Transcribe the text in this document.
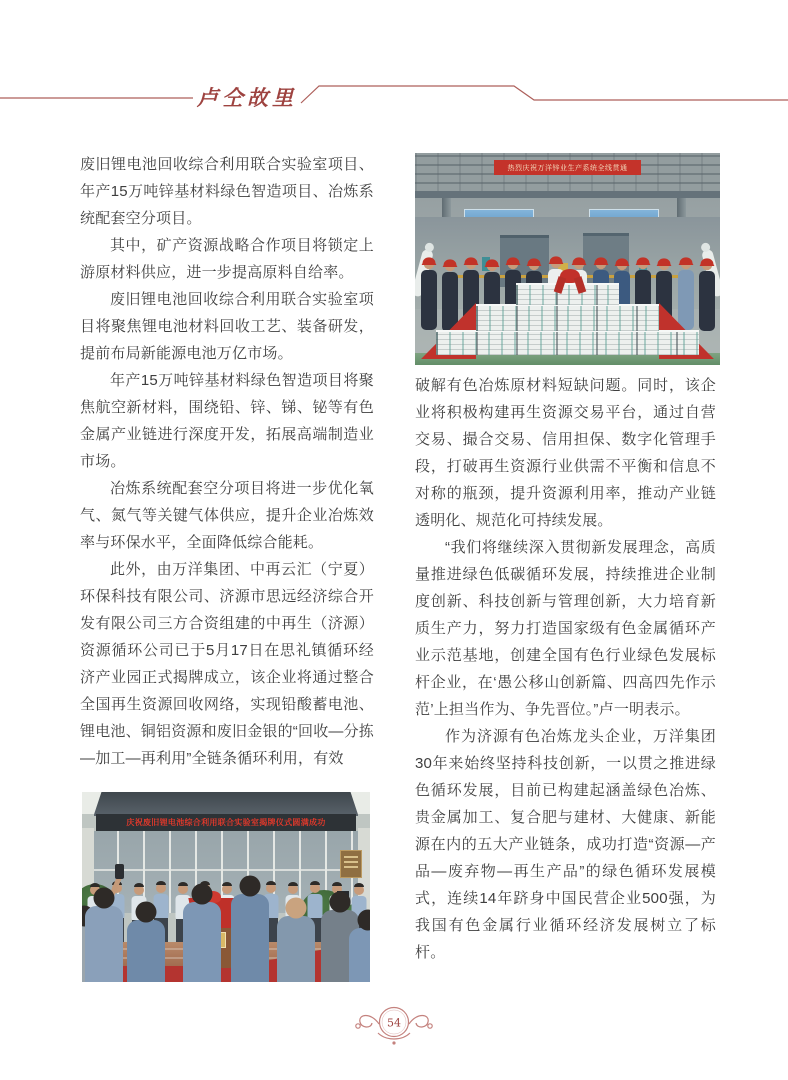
卢仝故里

废旧锂电池回收综合利用联合实验室项目、年产15万吨锌基材料绿色智造项目、冶炼系统配套空分项目。

其中，矿产资源战略合作项目将锁定上游原材料供应，进一步提高原料自给率。

废旧锂电池回收综合利用联合实验室项目将聚焦锂电池材料回收工艺、装备研发，提前布局新能源电池万亿市场。

年产15万吨锌基材料绿色智造项目将聚焦航空新材料，围绕铅、锌、锑、铋等有色金属产业链进行深度开发，拓展高端制造业市场。

冶炼系统配套空分项目将进一步优化氧气、氮气等关键气体供应，提升企业冶炼效率与环保水平，全面降低综合能耗。

此外，由万洋集团、中再云汇（宁夏）环保科技有限公司、济源市思远经济综合开发有限公司三方合资组建的中再生（济源）资源循环公司已于5月17日在思礼镇循环经济产业园正式揭牌成立，该企业将通过整合全国再生资源回收网络，实现铅酸蓄电池、锂电池、铜铝资源和废旧金银的“回收—分拣—加工—再利用”全链条循环利用，有效

破解有色冶炼原材料短缺问题。同时，该企业将积极构建再生资源交易平台，通过自营交易、撮合交易、信用担保、数字化管理手段，打破再生资源行业供需不平衡和信息不对称的瓶颈，提升资源利用率，推动产业链透明化、规范化可持续发展。

“我们将继续深入贯彻新发展理念，高质量推进绿色低碳循环发展，持续推进企业制度创新、科技创新与管理创新，大力培育新质生产力，努力打造国家级有色金属循环产业示范基地，创建全国有色行业绿色发展标杆企业，在‘愚公移山创新篇、四高四先作示范’上担当作为、争先晋位。”卢一明表示。

作为济源有色冶炼龙头企业，万洋集团30年来始终坚持科技创新，一以贯之推进绿色循环发展，目前已构建起涵盖绿色冶炼、贵金属加工、复合肥与建材、大健康、新能源在内的五大产业链条，成功打造“资源—产品—废弃物—再生产品”的绿色循环发展模式，连续14年跻身中国民营企业500强，为我国有色金属行业循环经济发展树立了标杆。

热烈庆祝万洋锌业生产系统全线贯通
庆祝废旧锂电池综合利用联合实验室揭牌仪式圆满成功
54
